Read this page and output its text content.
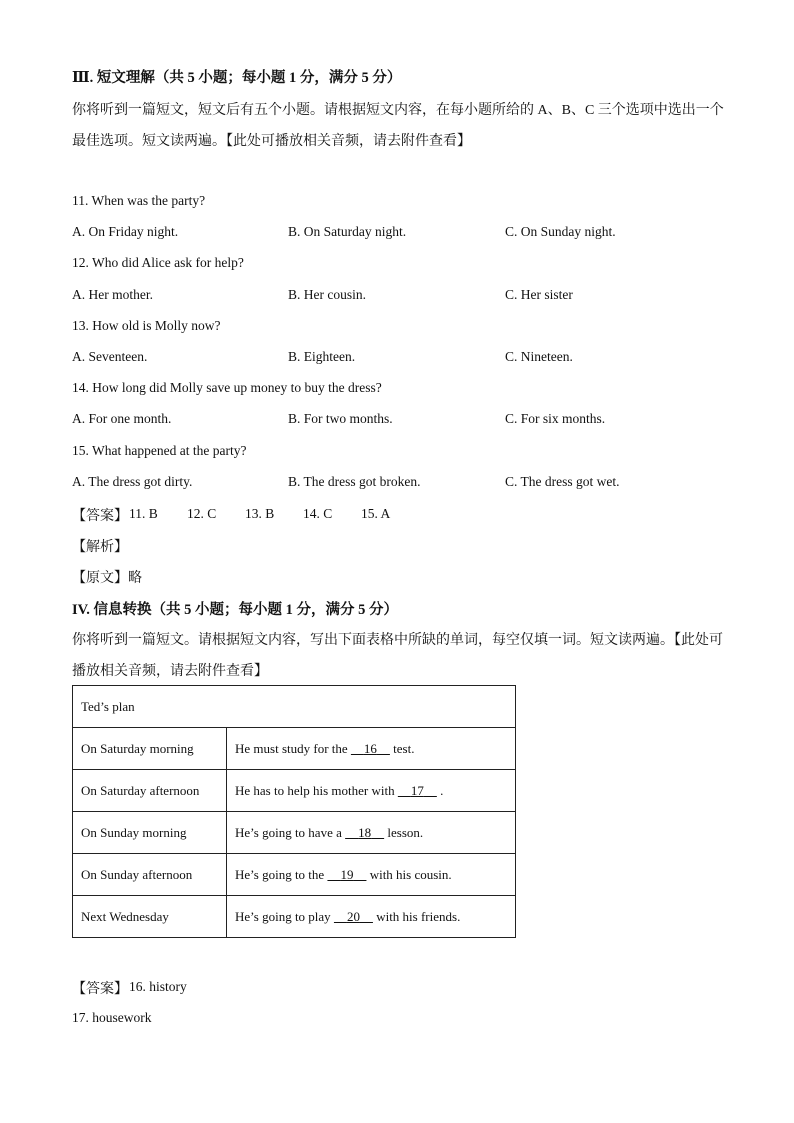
Ⅲ. 短文理解（共 5 小题；每小题 1 分，满分 5 分）
你将听到一篇短文，短文后有五个小题。请根据短文内容，在每小题所给的 A、B、C 三个选项中选出一个
最佳选项。短文读两遍。【此处可播放相关音频，请去附件查看】
11. When was the party?
A. On Friday night.	B. On Saturday night.	C. On Sunday night.
12. Who did Alice ask for help?
A. Her mother.	B. Her cousin.	C. Her sister
13. How old is Molly now?
A. Seventeen.	B. Eighteen.	C. Nineteen.
14. How long did Molly save up money to buy the dress?
A. For one month.	B. For two months.	C. For six months.
15. What happened at the party?
A. The dress got dirty.	B. The dress got broken.	C. The dress got wet.
【答案】 11. B 12. C 13. B 14. C 15. A
【解析】
【原文】 略
IV. 信息转换（共 5 小题；每小题 1 分，满分 5 分）
你将听到一篇短文。请根据短文内容，写出下面表格中所缺的单词，每空仅填一词。短文读两遍。【此处可
播放相关音频，请去附件查看】
Ted’s plan	
On Saturday morning	He must study for the     16     test.
On Saturday afternoon	He has to help his mother with     17     .
On Sunday morning	He’s going to have a     18     lesson.
On Sunday afternoon	He’s going to the     19     with his cousin.
Next Wednesday	He’s going to play     20     with his friends.
【答案】 16. history
17. housework
